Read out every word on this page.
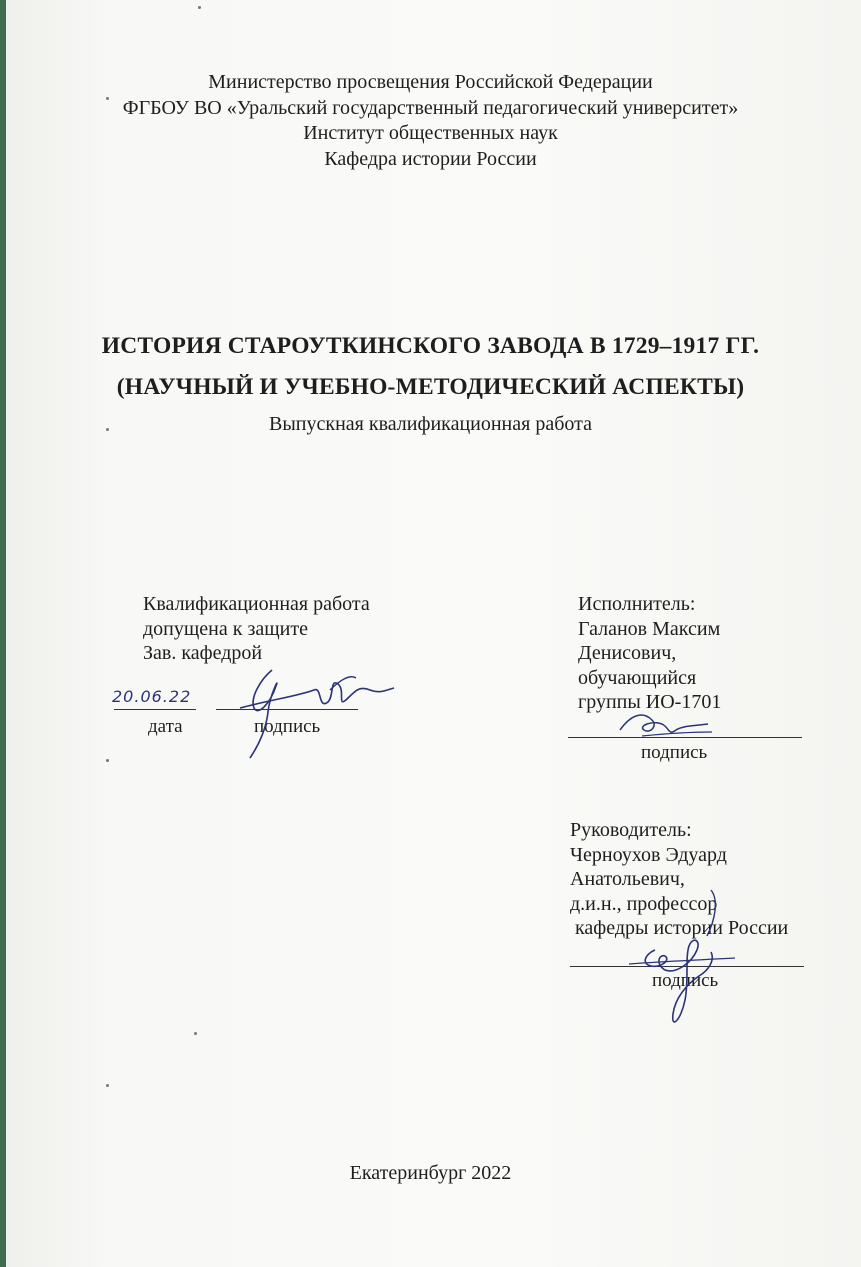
Министерство просвещения Российской Федерации
ФГБОУ ВО «Уральский государственный педагогический университет»
Институт общественных наук
Кафедра истории России
ИСТОРИЯ СТАРОУТКИНСКОГО ЗАВОДА В 1729–1917 ГГ.
(НАУЧНЫЙ И УЧЕБНО-МЕТОДИЧЕСКИЙ АСПЕКТЫ)
Выпускная квалификационная работа
Квалификационная работа
допущена к защите
Зав. кафедрой
20.06.22
дата	подпись
Исполнитель:
Галанов Максим
Денисович,
обучающийся
группы ИО-1701
подпись
Руководитель:
Черноухов Эдуард
Анатольевич,
д.и.н., профессор
кафедры истории России
подпись
Екатеринбург 2022
